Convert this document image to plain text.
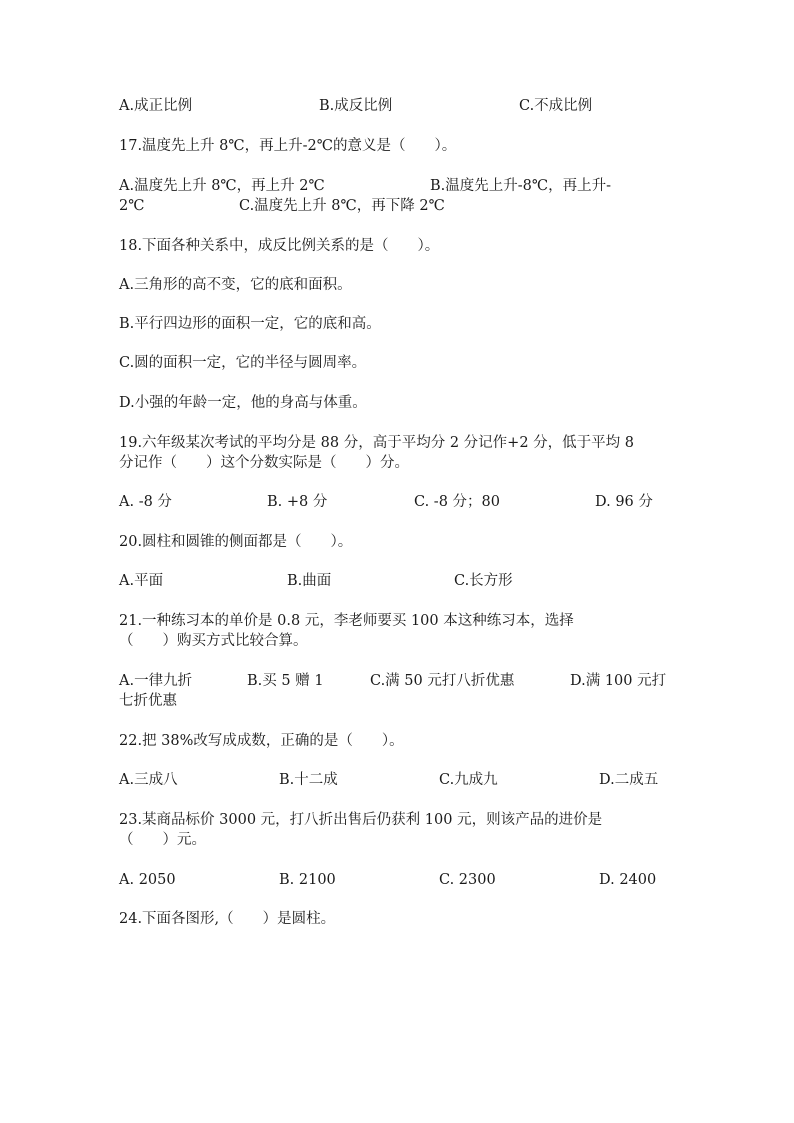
A.成正比例	B.成反比例	C.不成比例
17.温度先上升 8℃，再上升-2℃的意义是（　　）。
A.温度先上升 8℃，再上升 2℃	B.温度先上升-8℃，再上升-
2℃	C.温度先上升 8℃，再下降 2℃
18.下面各种关系中，成反比例关系的是（　　）。
A.三角形的高不变，它的底和面积。
B.平行四边形的面积一定，它的底和高。
C.圆的面积一定，它的半径与圆周率。
D.小强的年龄一定，他的身高与体重。
19.六年级某次考试的平均分是 88 分，高于平均分 2 分记作+2 分，低于平均 8
分记作（　　）这个分数实际是（　　）分。
A. -8 分	B. +8 分	C. -8 分；80	D. 96 分
20.圆柱和圆锥的侧面都是（　　）。
A.平面	B.曲面	C.长方形
21.一种练习本的单价是 0.8 元，李老师要买 100 本这种练习本，选择
（　　）购买方式比较合算。
A.一律九折	B.买 5 赠 1	C.满 50 元打八折优惠	D.满 100 元打
七折优惠
22.把 38%改写成成数，正确的是（　　）。
A.三成八	B.十二成	C.九成九	D.二成五
23.某商品标价 3000 元，打八折出售后仍获利 100 元，则该产品的进价是
（　　）元。
A. 2050	B. 2100	C. 2300	D. 2400
24.下面各图形,（　　）是圆柱。
